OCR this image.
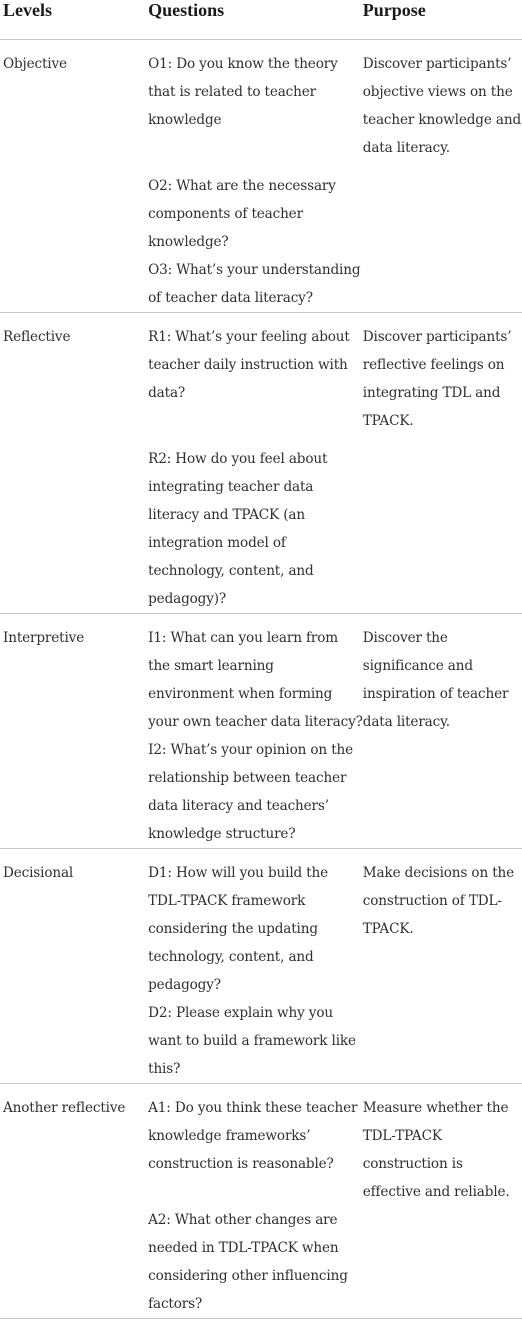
Levels	Questions	Purpose
Objective	O1: Do you know the theory that is related to teacher knowledge	Discover participants’ objective views on the teacher knowledge and data literacy.
	O2: What are the necessary components of teacher knowledge?	
	O3: What’s your understanding of teacher data literacy?	
Reflective	R1: What’s your feeling about teacher daily instruction with data?	Discover participants’ reflective feelings on integrating TDL and TPACK.
	R2: How do you feel about integrating teacher data literacy and TPACK (an integration model of technology, content, and pedagogy)?	
Interpretive	I1: What can you learn from the smart learning environment when forming your own teacher data literacy?	Discover the significance and inspiration of teacher data literacy.
	I2: What’s your opinion on the relationship between teacher data literacy and teachers’ knowledge structure?	
Decisional	D1: How will you build the TDL-TPACK framework considering the updating technology, content, and pedagogy?	Make decisions on the construction of TDL-TPACK.
	D2: Please explain why you want to build a framework like this?	
Another reflective	A1: Do you think these teacher knowledge frameworks’ construction is reasonable?	Measure whether the TDL-TPACK construction is effective and reliable.
	A2: What other changes are needed in TDL-TPACK when considering other influencing factors?	
